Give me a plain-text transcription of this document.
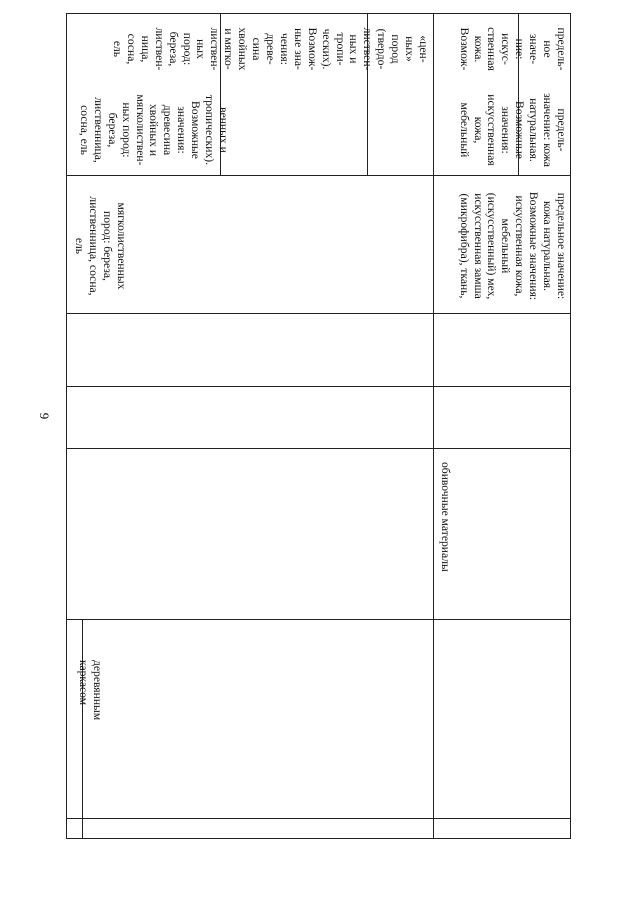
9
деревянным
каркасом
мягколиственных
пород: береза,
лиственница, сосна,
ель
венных и
тропических).
Возможные
значения:
древесина
хвойных и
мягколиствен-
ных пород:
береза,
лиственница,
сосна, ель
«цен-
ных»
пород
(твердо-
листвен-
ных и
тропи-
ческих).
Возмож-
ные зна-
чения:
древе-
сина
хвойных
и мягко-
листвен-
ных
пород:
береза,
листвен-
ница,
сосна,
ель
обивочные материалы
предельное значение:
кожа натуральная.
Возможные значения:
искусственная кожа,
мебельный
(искусственный) мех,
искусственная замша
(микрофибра), ткань,
предель-
значение: кожа
натуральная.
Возможные
значения:
искусственная
кожа,
мебельный
предель-
ное
значе-
ние:
искус-
ственная
кожа.
Возмож-
